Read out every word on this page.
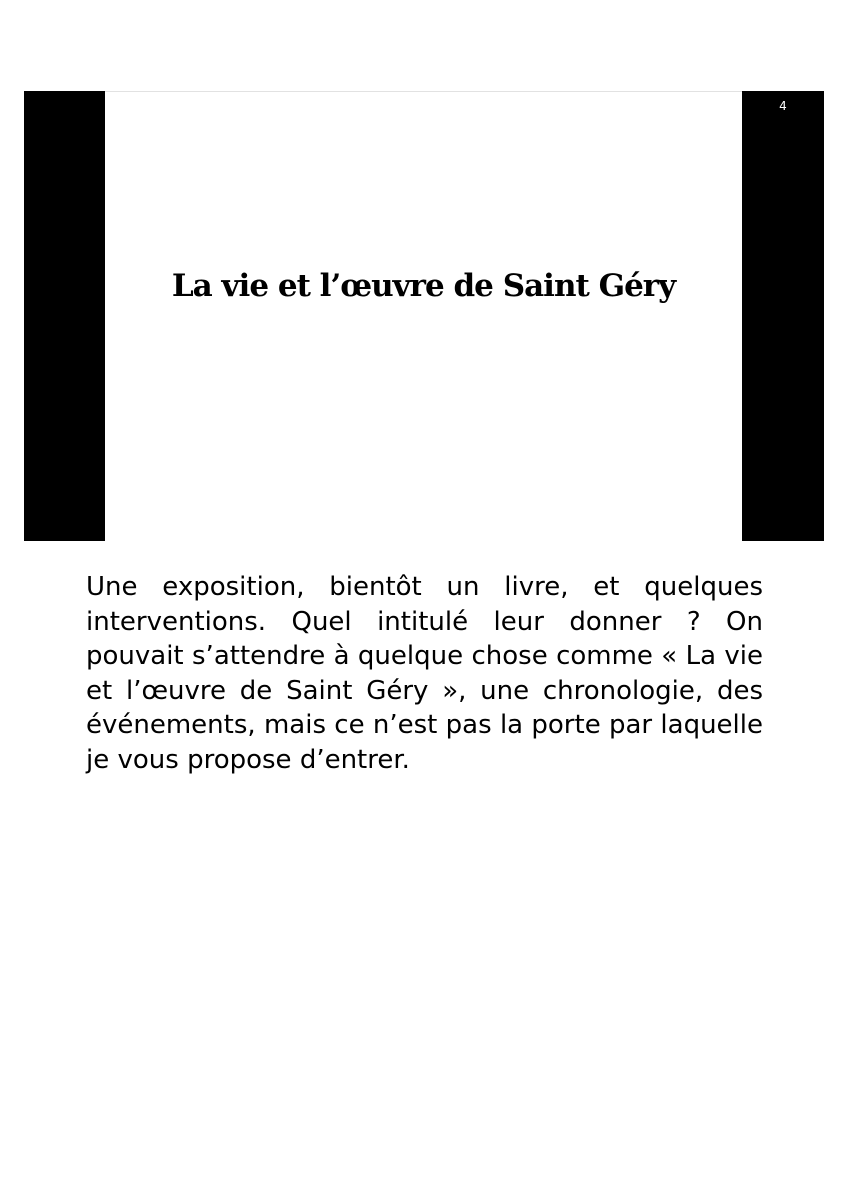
4
La vie et l’œuvre de Saint Géry

Une exposition, bientôt un livre, et quelques interventions. Quel intitulé leur donner ? On pouvait s’attendre à quelque chose comme « La vie et l’œuvre de Saint Géry », une chronologie, des événements, mais ce n’est pas la porte par laquelle je vous propose d’entrer.
